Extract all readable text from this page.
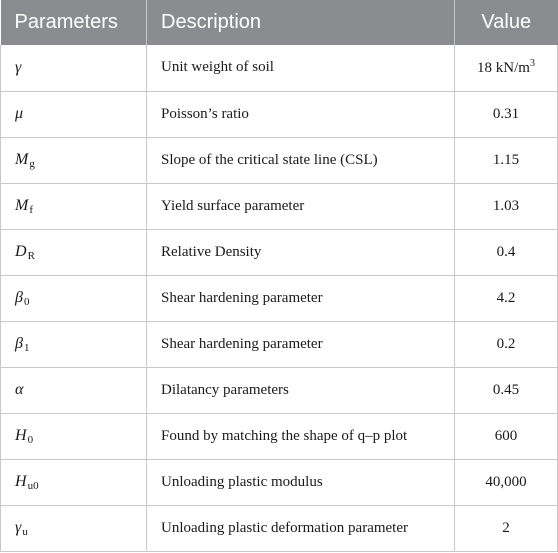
Parameters	Description	Value
γ	Unit weight of soil	18 $kN/m^3$
μ	Poisson’s ratio	0.31
$M_g$	Slope of the critical state line (CSL)	1.15
$M_f$	Yield surface parameter	1.03
$D_R$	Relative Density	0.4
$\beta_0$	Shear hardening parameter	4.2
$\beta_1$	Shear hardening parameter	0.2
α	Dilatancy parameters	0.45
$H_0$	Found by matching the shape of q–p plot	600
$H_{u0}$	Unloading plastic modulus	40,000
$\gamma_u$	Unloading plastic deformation parameter	2
